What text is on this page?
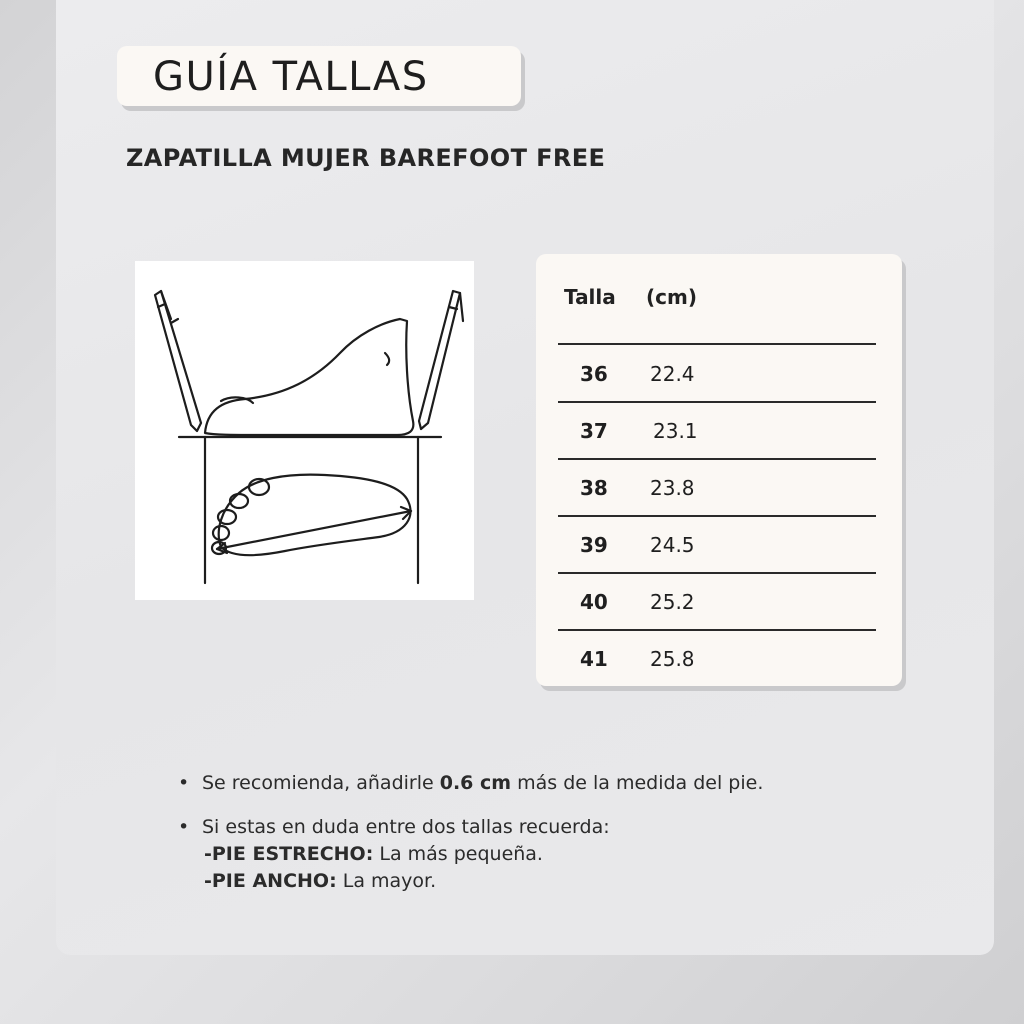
GUÍA TALLAS
ZAPATILLA MUJER BAREFOOT FREE
Talla (cm)
36	22.4
37	23.1
38	23.8
39	24.5
40	25.2
41	25.8
• Se recomienda, añadirle 0.6 cm más de la medida del pie.
• Si estas en duda entre dos tallas recuerda:
-PIE ESTRECHO: La más pequeña.
-PIE ANCHO: La mayor.
